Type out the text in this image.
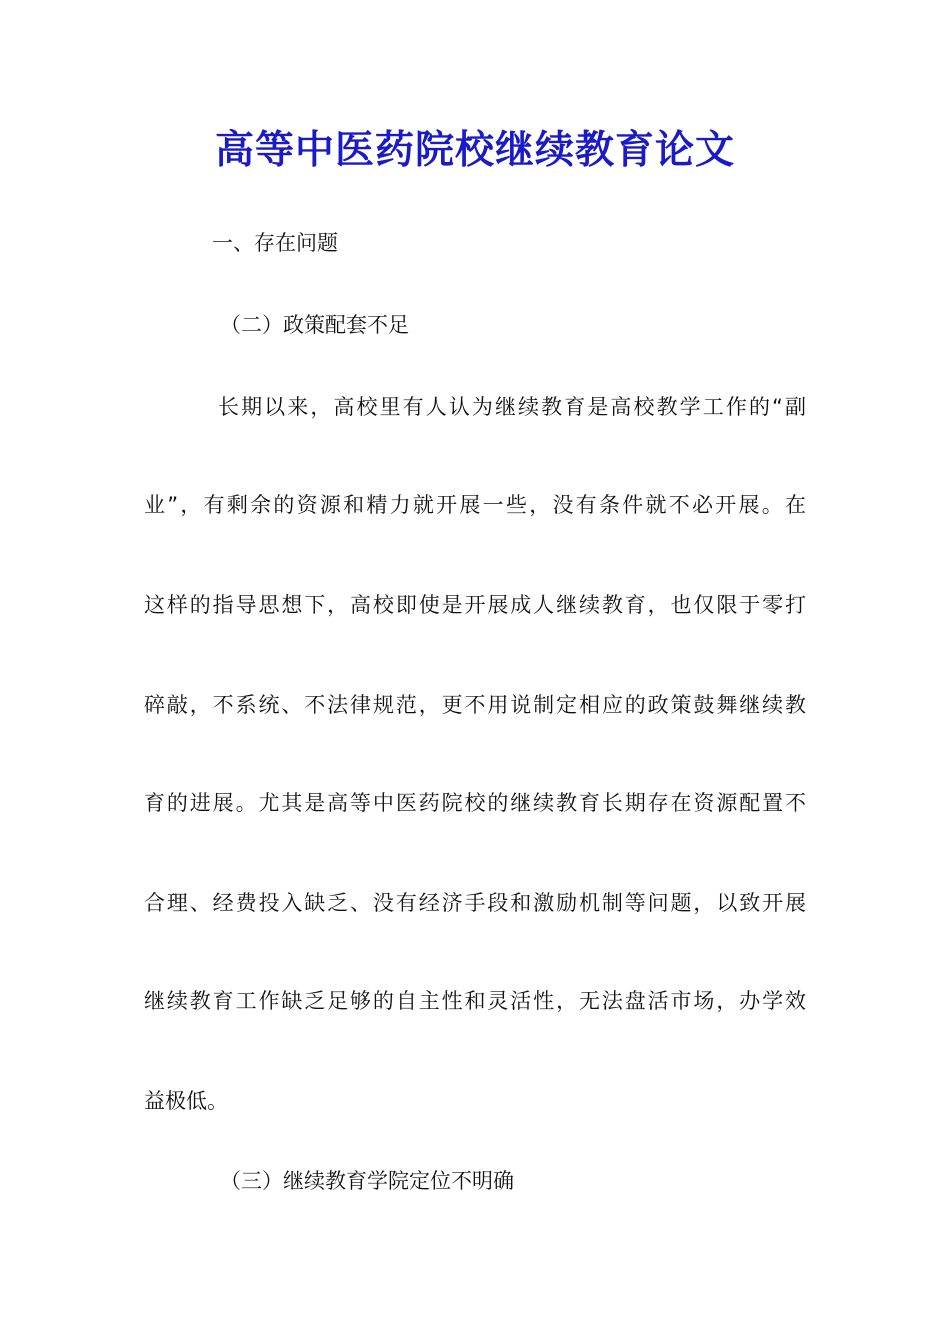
高等中医药院校继续教育论文
一、存在问题
（二）政策配套不足
长期以来，高校里有人认为继续教育是高校教学工作的“副
业”，有剩余的资源和精力就开展一些，没有条件就不必开展。在
这样的指导思想下，高校即使是开展成人继续教育，也仅限于零打
碎敲，不系统、不法律规范，更不用说制定相应的政策鼓舞继续教
育的进展。尤其是高等中医药院校的继续教育长期存在资源配置不
合理、经费投入缺乏、没有经济手段和激励机制等问题，以致开展
继续教育工作缺乏足够的自主性和灵活性，无法盘活市场，办学效
益极低。
（三）继续教育学院定位不明确
